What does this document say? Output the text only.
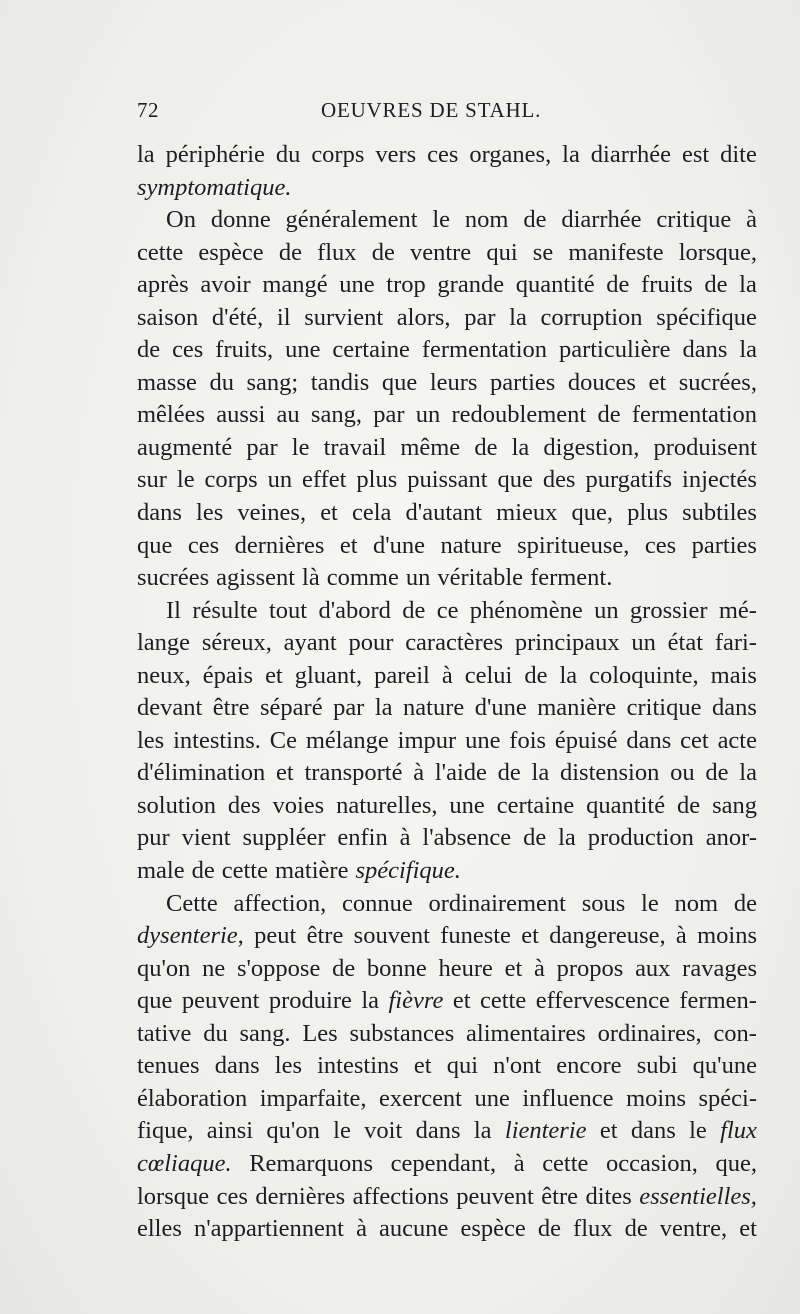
72	OEUVRES DE STAHL.
la périphérie du corps vers ces organes, la diarrhée est dite
symptomatique.
On donne généralement le nom de diarrhée critique à
cette espèce de flux de ventre qui se manifeste lorsque,
après avoir mangé une trop grande quantité de fruits de la
saison d'été, il survient alors, par la corruption spécifique
de ces fruits, une certaine fermentation particulière dans la
masse du sang; tandis que leurs parties douces et sucrées,
mêlées aussi au sang, par un redoublement de fermentation
augmenté par le travail même de la digestion, produisent
sur le corps un effet plus puissant que des purgatifs injectés
dans les veines, et cela d'autant mieux que, plus subtiles
que ces dernières et d'une nature spiritueuse, ces parties
sucrées agissent là comme un véritable ferment.
Il résulte tout d'abord de ce phénomène un grossier mé-
lange séreux, ayant pour caractères principaux un état fari-
neux, épais et gluant, pareil à celui de la coloquinte, mais
devant être séparé par la nature d'une manière critique dans
les intestins. Ce mélange impur une fois épuisé dans cet acte
d'élimination et transporté à l'aide de la distension ou de la
solution des voies naturelles, une certaine quantité de sang
pur vient suppléer enfin à l'absence de la production anor-
male de cette matière spécifique.
Cette affection, connue ordinairement sous le nom de
dysenterie, peut être souvent funeste et dangereuse, à moins
qu'on ne s'oppose de bonne heure et à propos aux ravages
que peuvent produire la fièvre et cette effervescence fermen-
tative du sang. Les substances alimentaires ordinaires, con-
tenues dans les intestins et qui n'ont encore subi qu'une
élaboration imparfaite, exercent une influence moins spéci-
fique, ainsi qu'on le voit dans la lienterie et dans le flux
cœliaque. Remarquons cependant, à cette occasion, que,
lorsque ces dernières affections peuvent être dites essentielles,
elles n'appartiennent à aucune espèce de flux de ventre, et
